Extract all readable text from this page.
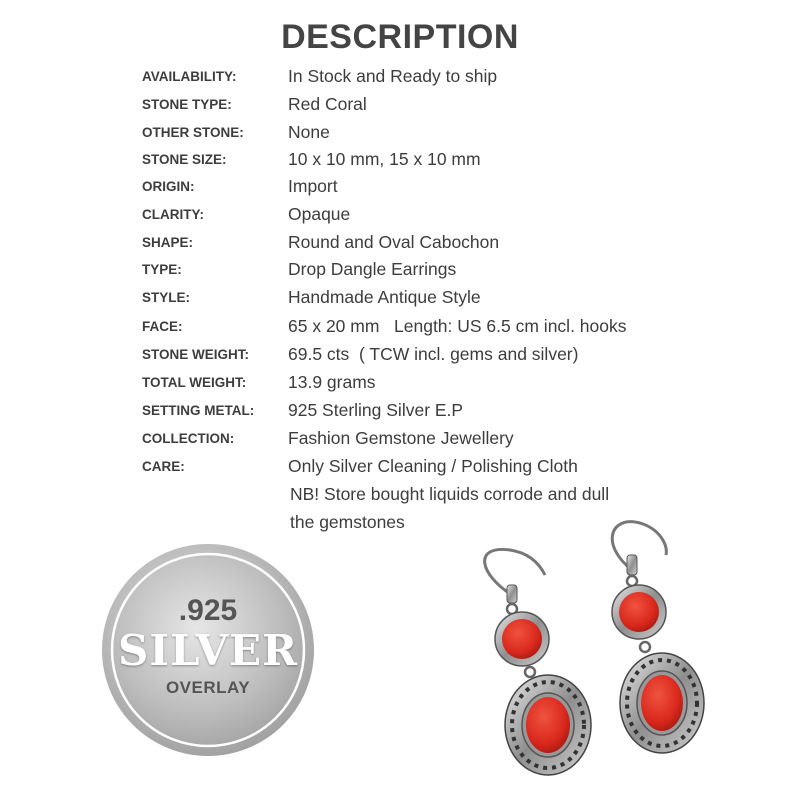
DESCRIPTION
AVAILABILITY:	In Stock and Ready to ship
STONE TYPE:	Red Coral
OTHER STONE:	None
STONE SIZE:	10 x 10 mm, 15 x 10 mm
ORIGIN:	Import
CLARITY:	Opaque
SHAPE:	Round and Oval Cabochon
TYPE:	Drop Dangle Earrings
STYLE:	Handmade Antique Style
FACE:	65 x 20 mm   Length: US 6.5 cm incl. hooks
STONE WEIGHT:	69.5 cts  ( TCW incl. gems and silver)
TOTAL WEIGHT:	13.9 grams
SETTING METAL:	925 Sterling Silver E.P
COLLECTION:	Fashion Gemstone Jewellery
CARE:	Only Silver Cleaning / Polishing Cloth
NB! Store bought liquids corrode and dull
the gemstones
.925
SILVER
OVERLAY
